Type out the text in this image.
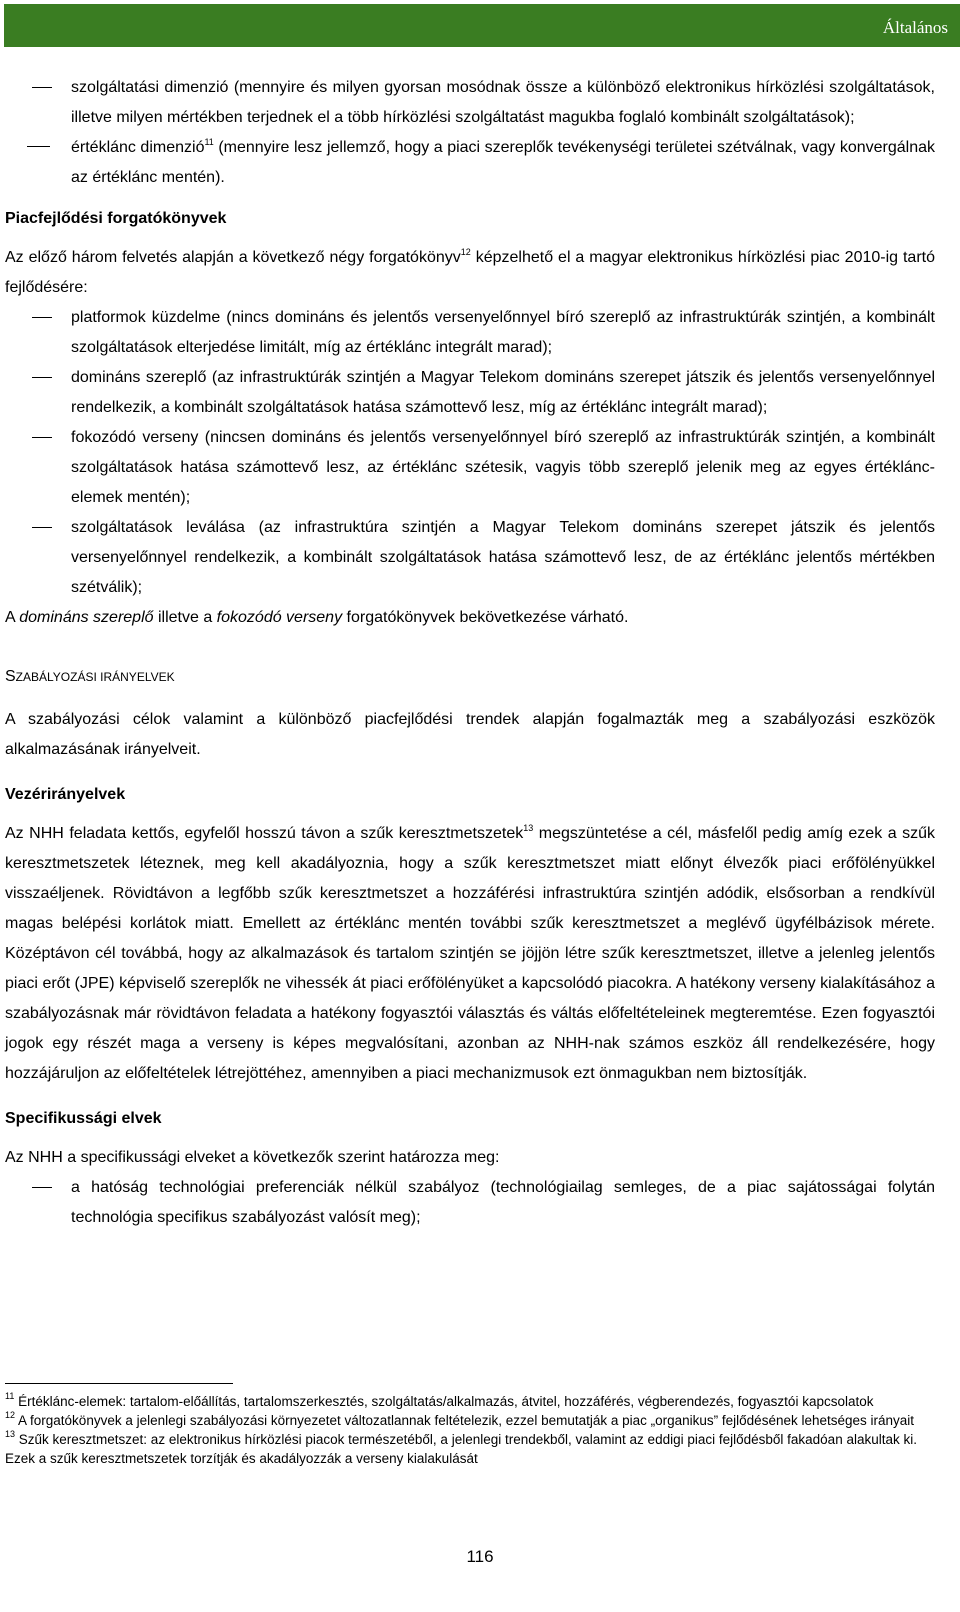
Általános

szolgáltatási dimenzió (mennyire és milyen gyorsan mosódnak össze a különböző elektronikus hírközlési szolgáltatások, illetve milyen mértékben terjednek el a több hírközlési szolgáltatást magukba foglaló kombinált szolgáltatások);

értéklánc dimenzió$^{11}$ (mennyire lesz jellemző, hogy a piaci szereplők tevékenységi területei szétválnak, vagy konvergálnak az értéklánc mentén).

Piacfejlődési forgatókönyvek

Az előző három felvetés alapján a következő négy forgatókönyv$^{12}$ képzelhető el a magyar elektronikus hírközlési piac 2010-ig tartó fejlődésére:

platformok küzdelme (nincs domináns és jelentős versenyelőnnyel bíró szereplő az infrastruktúrák szintjén, a kombinált szolgáltatások elterjedése limitált, míg az értéklánc integrált marad);

domináns szereplő (az infrastruktúrák szintjén a Magyar Telekom domináns szerepet játszik és jelentős versenyelőnnyel rendelkezik, a kombinált szolgáltatások hatása számottevő lesz, míg az értéklánc integrált marad);

fokozódó verseny (nincsen domináns és jelentős versenyelőnnyel bíró szereplő az infrastruktúrák szintjén, a kombinált szolgáltatások hatása számottevő lesz, az értéklánc szétesik, vagyis több szereplő jelenik meg az egyes értéklánc-elemek mentén);

szolgáltatások leválása (az infrastruktúra szintjén a Magyar Telekom domináns szerepet játszik és jelentős versenyelőnnyel rendelkezik, a kombinált szolgáltatások hatása számottevő lesz, de az értéklánc jelentős mértékben szétválik);

A domináns szereplő illetve a fokozódó verseny forgatókönyvek bekövetkezése várható.

SZABÁLYOZÁSI IRÁNYELVEK

A szabályozási célok valamint a különböző piacfejlődési trendek alapján fogalmazták meg a szabályozási eszközök alkalmazásának irányelveit.

Vezérirányelvek

Az NHH feladata kettős, egyfelől hosszú távon a szűk keresztmetszetek$^{13}$ megszüntetése a cél, másfelől pedig amíg ezek a szűk keresztmetszetek léteznek, meg kell akadályoznia, hogy a szűk keresztmetszet miatt előnyt élvezők piaci erőfölényükkel visszaéljenek. Rövidtávon a legfőbb szűk keresztmetszet a hozzáférési infrastruktúra szintjén adódik, elsősorban a rendkívül magas belépési korlátok miatt. Emellett az értéklánc mentén további szűk keresztmetszet a meglévő ügyfélbázisok mérete. Középtávon cél továbbá, hogy az alkalmazások és tartalom szintjén se jöjjön létre szűk keresztmetszet, illetve a jelenleg jelentős piaci erőt (JPE) képviselő szereplők ne vihessék át piaci erőfölényüket a kapcsolódó piacokra. A hatékony verseny kialakításához a szabályozásnak már rövidtávon feladata a hatékony fogyasztói választás és váltás előfeltételeinek megteremtése. Ezen fogyasztói jogok egy részét maga a verseny is képes megvalósítani, azonban az NHH-nak számos eszköz áll rendelkezésére, hogy hozzájáruljon az előfeltételek létrejöttéhez, amennyiben a piaci mechanizmusok ezt önmagukban nem biztosítják.

Specifikussági elvek

Az NHH a specifikussági elveket a következők szerint határozza meg:

a hatóság technológiai preferenciák nélkül szabályoz (technológiailag semleges, de a piac sajátosságai folytán technológia specifikus szabályozást valósít meg);

$^{11}$ Értéklánc-elemek: tartalom-előállítás, tartalomszerkesztés, szolgáltatás/alkalmazás, átvitel, hozzáférés, végberendezés, fogyasztói kapcsolatok

$^{12}$ A forgatókönyvek a jelenlegi szabályozási környezetet változatlannak feltételezik, ezzel bemutatják a piac „organikus” fejlődésének lehetséges irányait

$^{13}$ Szűk keresztmetszet: az elektronikus hírközlési piacok természetéből, a jelenlegi trendekből, valamint az eddigi piaci fejlődésből fakadóan alakultak ki. Ezek a szűk keresztmetszetek torzítják és akadályozzák a verseny kialakulását

116
